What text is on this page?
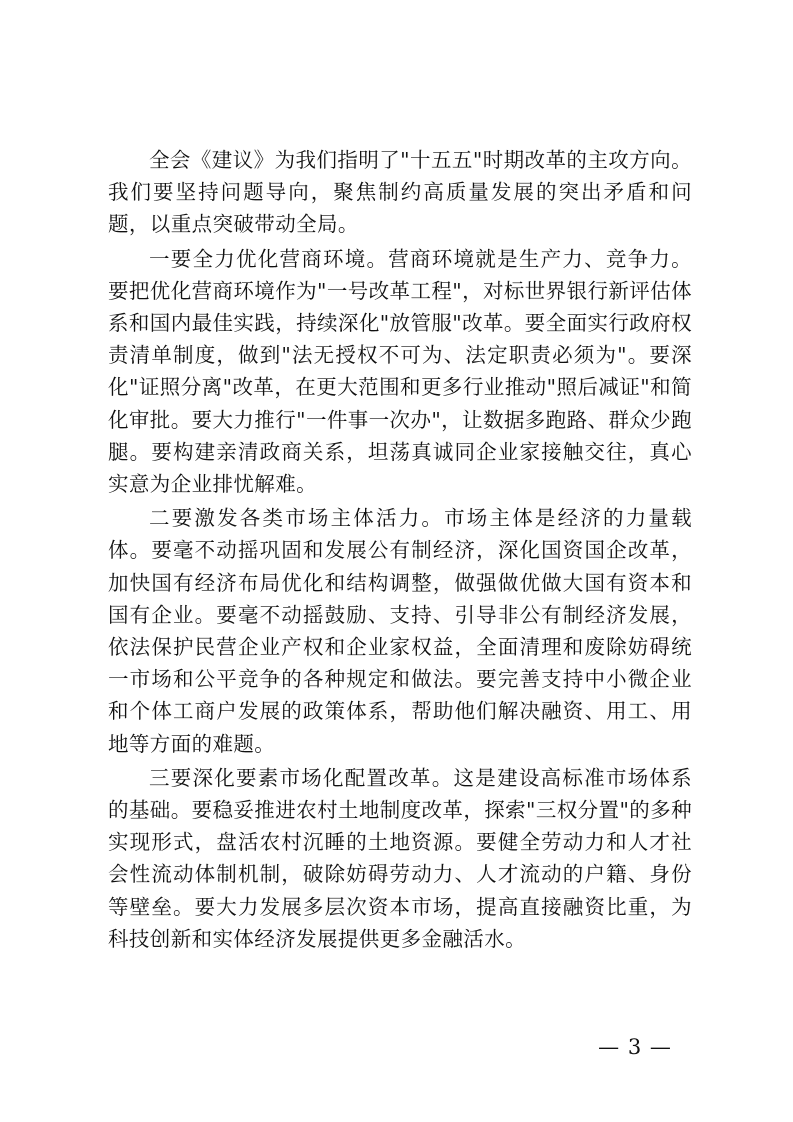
全会《建议》为我们指明了"十五五"时期改革的主攻方向。我们要坚持问题导向，聚焦制约高质量发展的突出矛盾和问题，以重点突破带动全局。

一要全力优化营商环境。营商环境就是生产力、竞争力。要把优化营商环境作为"一号改革工程"，对标世界银行新评估体系和国内最佳实践，持续深化"放管服"改革。要全面实行政府权责清单制度，做到"法无授权不可为、法定职责必须为"。要深化"证照分离"改革，在更大范围和更多行业推动"照后减证"和简化审批。要大力推行"一件事一次办"，让数据多跑路、群众少跑腿。要构建亲清政商关系，坦荡真诚同企业家接触交往，真心实意为企业排忧解难。

二要激发各类市场主体活力。市场主体是经济的力量载体。要毫不动摇巩固和发展公有制经济，深化国资国企改革，加快国有经济布局优化和结构调整，做强做优做大国有资本和国有企业。要毫不动摇鼓励、支持、引导非公有制经济发展，依法保护民营企业产权和企业家权益，全面清理和废除妨碍统一市场和公平竞争的各种规定和做法。要完善支持中小微企业和个体工商户发展的政策体系，帮助他们解决融资、用工、用地等方面的难题。

三要深化要素市场化配置改革。这是建设高标准市场体系的基础。要稳妥推进农村土地制度改革，探索"三权分置"的多种实现形式，盘活农村沉睡的土地资源。要健全劳动力和人才社会性流动体制机制，破除妨碍劳动力、人才流动的户籍、身份等壁垒。要大力发展多层次资本市场，提高直接融资比重，为科技创新和实体经济发展提供更多金融活水。

— 3 —
